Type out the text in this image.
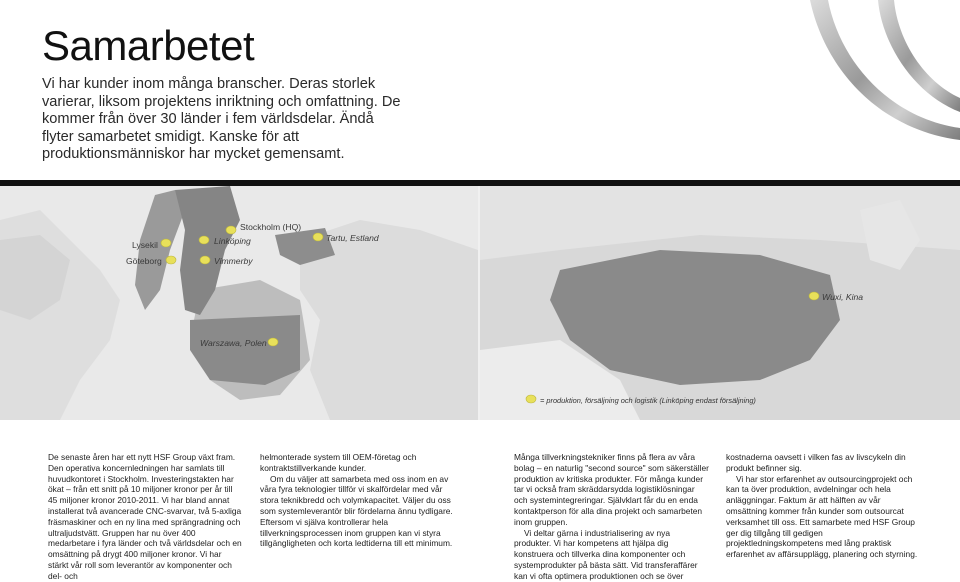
Samarbetet

Vi har kunder inom många branscher. Deras storlek varierar, liksom projektens inriktning och omfattning. De kommer från över 30 länder i fem världsdelar. Ändå flyter samarbetet smidigt. Kanske för att produktionsmänniskor har mycket gemensamt.

Lysekil
Göteborg
Linköping
Vimmerby
Stockholm (HQ)
Tartu, Estland
Warszawa, Polen
Wuxi, Kina
= produktion, försäljning och logistik (Linköping endast försäljning)

De senaste åren har ett nytt HSF Group växt fram. Den operativa koncernledningen har samlats till huvudkontoret i Stockholm. Investeringstakten har ökat – från ett snitt på 10 miljoner kronor per år till 45 miljoner kronor 2010-2011. Vi har bland annat installerat två avancerade CNC-svarvar, två 5-axliga fräsmaskiner och en ny lina med sprängradning och ultraljudstvätt. Gruppen har nu över 400 medarbetare i fyra länder och två världsdelar och en omsättning på drygt 400 miljoner kronor. Vi har stärkt vår roll som leverantör av komponenter och del- och

helmonterade system till OEM-företag och kontraktstillverkande kunder.

Om du väljer att samarbeta med oss inom en av våra fyra teknologier tillför vi skalfördelar med vår stora teknikbredd och volymkapacitet. Väljer du oss som systemleverantör blir fördelarna ännu tydligare. Eftersom vi själva kontrollerar hela tillverkningsprocessen inom gruppen kan vi styra tillgängligheten och korta ledtiderna till ett minimum.

Många tillverkningstekniker finns på flera av våra bolag – en naturlig "second source" som säkerställer produktion av kritiska produkter. För många kunder tar vi också fram skräddarsydda logistiklösningar och systemintegreringar. Självklart får du en enda kontaktperson för alla dina projekt och samarbeten inom gruppen.

Vi deltar gärna i industrialisering av nya produkter. Vi har kompetens att hjälpa dig konstruera och tillverka dina komponenter och systemprodukter på bästa sätt. Vid transferaffärer kan vi ofta optimera produktionen och se över

kostnaderna oavsett i vilken fas av livscykeln din produkt befinner sig.

Vi har stor erfarenhet av outsourcingprojekt och kan ta över produktion, avdelningar och hela anläggningar. Faktum är att hälften av vår omsättning kommer från kunder som outsourcat verksamhet till oss. Ett samarbete med HSF Group ger dig tillgång till gedigen projektledningskompetens med lång praktisk erfarenhet av affärsupplägg, planering och styrning.
